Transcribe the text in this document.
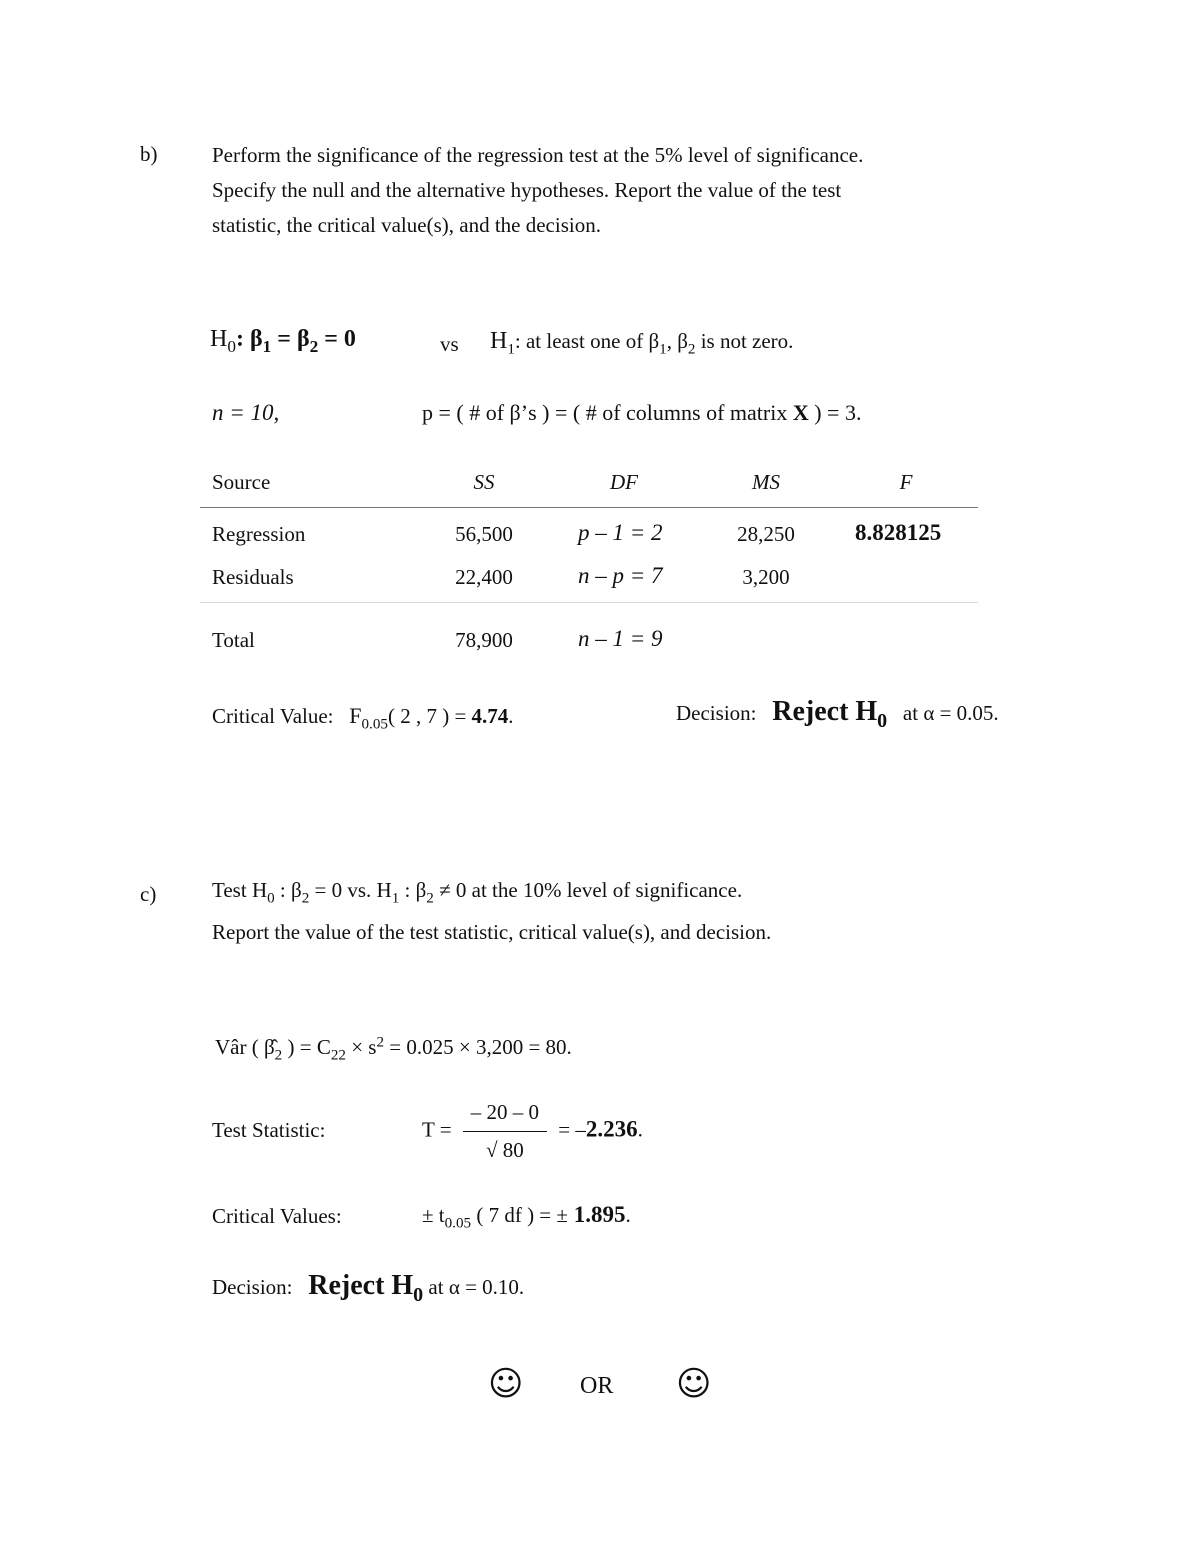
b)	Perform the significance of the regression test at the 5% level of significance.
Specify the null and the alternative hypotheses. Report the value of the test
statistic, the critical value(s), and the decision.
$H_0$: $\beta_1 = \beta_2 = 0$	vs $H_1$: at least one of $\beta_1$, $\beta_2$ is not zero.
n = 10,	p = ( # of β’s ) = ( # of columns of matrix X ) = 3.
Source	SS	DF	MS	F
Regression	56,500	p – 1 = 2	28,250	8.828125
Residuals	22,400	n – p = 7	3,200
Total	78,900	n – 1 = 9
Critical Value: $F_{0.05}$( 2 , 7 ) = 4.74.	Decision: Reject $H_0$ at α = 0.05.
c)	Test $H_0$ : $\beta_2 = 0$ vs. $H_1$ : $\beta_2 \ne 0$ at the 10% level of significance.
Report the value of the test statistic, critical value(s), and decision.
Vâr ( $\betâ_2$ ) = $C_{22} \times s^2 = 0.025 \times 3,200 = 80$.
Test Statistic:	$T = \frac{- 20 - 0}{√ 80} = -2.236$.
Critical Values:	± $t_{0.05}$ ( 7 df ) = ± 1.895.
Decision: Reject $H_0$ at α = 0.10.
☺ OR ☺
